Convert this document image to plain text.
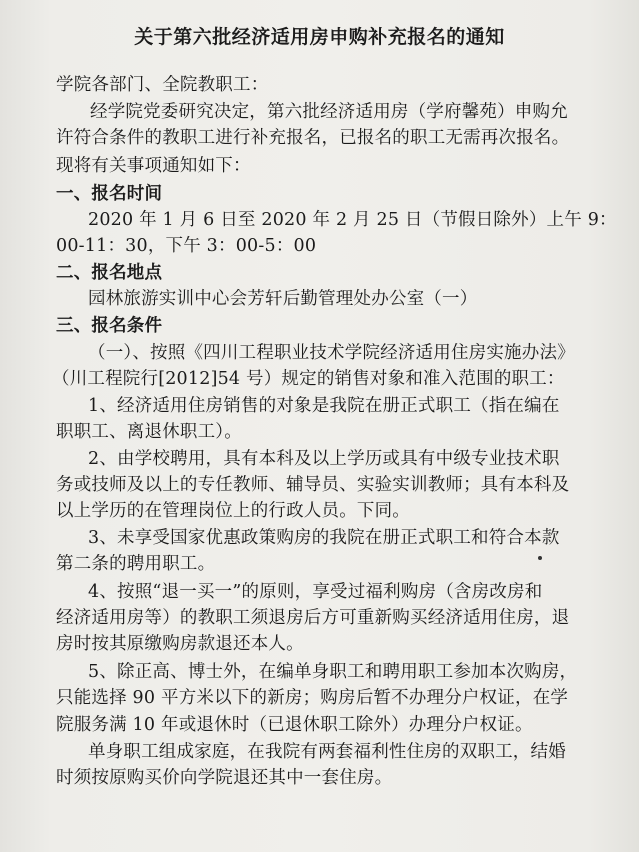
关于第六批经济适用房申购补充报名的通知
学院各部门、全院教职工：
经学院党委研究决定，第六批经济适用房（学府馨苑）申购允
许符合条件的教职工进行补充报名，已报名的职工无需再次报名。
现将有关事项通知如下：
一、报名时间
2020 年 1 月 6 日至 2020 年 2 月 25 日（节假日除外）上午 9：
00-11：30，下午 3：00-5：00
二、报名地点
园林旅游实训中心会芳轩后勤管理处办公室（一）
三、报名条件
（一）、按照《四川工程职业技术学院经济适用住房实施办法》
（川工程院行[2012]54 号）规定的销售对象和准入范围的职工：
1、经济适用住房销售的对象是我院在册正式职工（指在编在
职职工、离退休职工）。
2、由学校聘用，具有本科及以上学历或具有中级专业技术职
务或技师及以上的专任教师、辅导员、实验实训教师；具有本科及
以上学历的在管理岗位上的行政人员。下同。
3、未享受国家优惠政策购房的我院在册正式职工和符合本款
第二条的聘用职工。
4、按照“退一买一”的原则，享受过福利购房（含房改房和
经济适用房等）的教职工须退房后方可重新购买经济适用住房，退
房时按其原缴购房款退还本人。
5、除正高、博士外，在编单身职工和聘用职工参加本次购房，
只能选择 90 平方米以下的新房；购房后暂不办理分户权证，在学
院服务满 10 年或退休时（已退休职工除外）办理分户权证。
单身职工组成家庭，在我院有两套福利性住房的双职工，结婚
时须按原购买价向学院退还其中一套住房。
